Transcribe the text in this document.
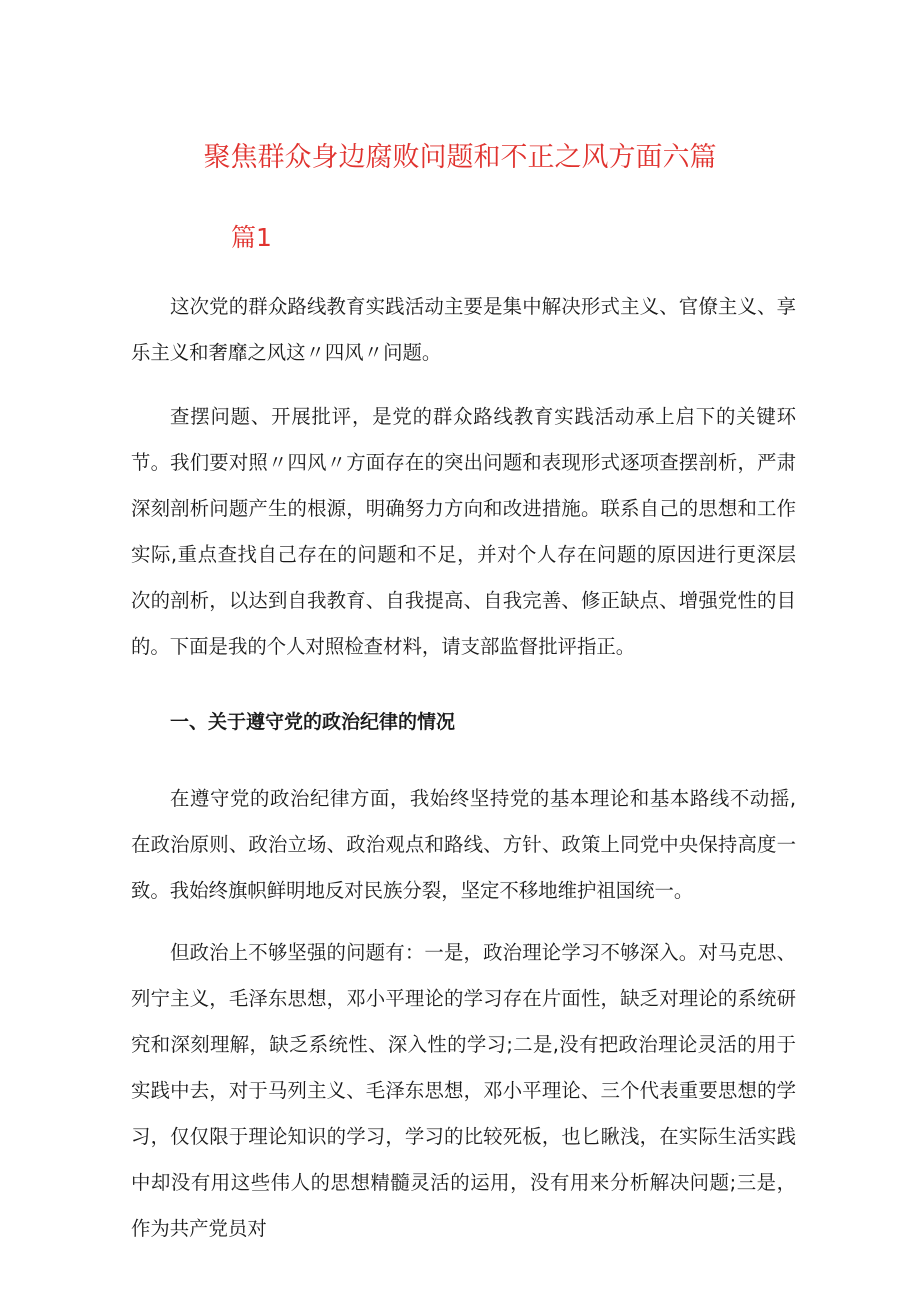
聚焦群众身边腐败问题和不正之风方面六篇
篇1

这次党的群众路线教育实践活动主要是集中解决形式主义、官僚主义、享乐主义和奢靡之风这〃四风〃问题。

查摆问题、开展批评，是党的群众路线教育实践活动承上启下的关键环节。我们要对照〃四风〃方面存在的突出问题和表现形式逐项查摆剖析，严肃深刻剖析问题产生的根源，明确努力方向和改进措施。联系自己的思想和工作实际,重点查找自己存在的问题和不足，并对个人存在问题的原因进行更深层次的剖析，以达到自我教育、自我提高、自我完善、修正缺点、增强党性的目的。下面是我的个人对照检查材料，请支部监督批评指正。

一、关于遵守党的政治纪律的情况

在遵守党的政治纪律方面，我始终坚持党的基本理论和基本路线不动摇,在政治原则、政治立场、政治观点和路线、方针、政策上同党中央保持高度一致。我始终旗帜鲜明地反对民族分裂，坚定不移地维护祖国统一。

但政治上不够坚强的问题有：一是，政治理论学习不够深入。对马克思、列宁主义，毛泽东思想，邓小平理论的学习存在片面性，缺乏对理论的系统研究和深刻理解，缺乏系统性、深入性的学习;二是,没有把政治理论灵活的用于实践中去，对于马列主义、毛泽东思想，邓小平理论、三个代表重要思想的学习，仅仅限于理论知识的学习，学习的比较死板，也匕瞅浅，在实际生活实践中却没有用这些伟人的思想精髓灵活的运用，没有用来分析解决问题;三是，作为共产党员对
